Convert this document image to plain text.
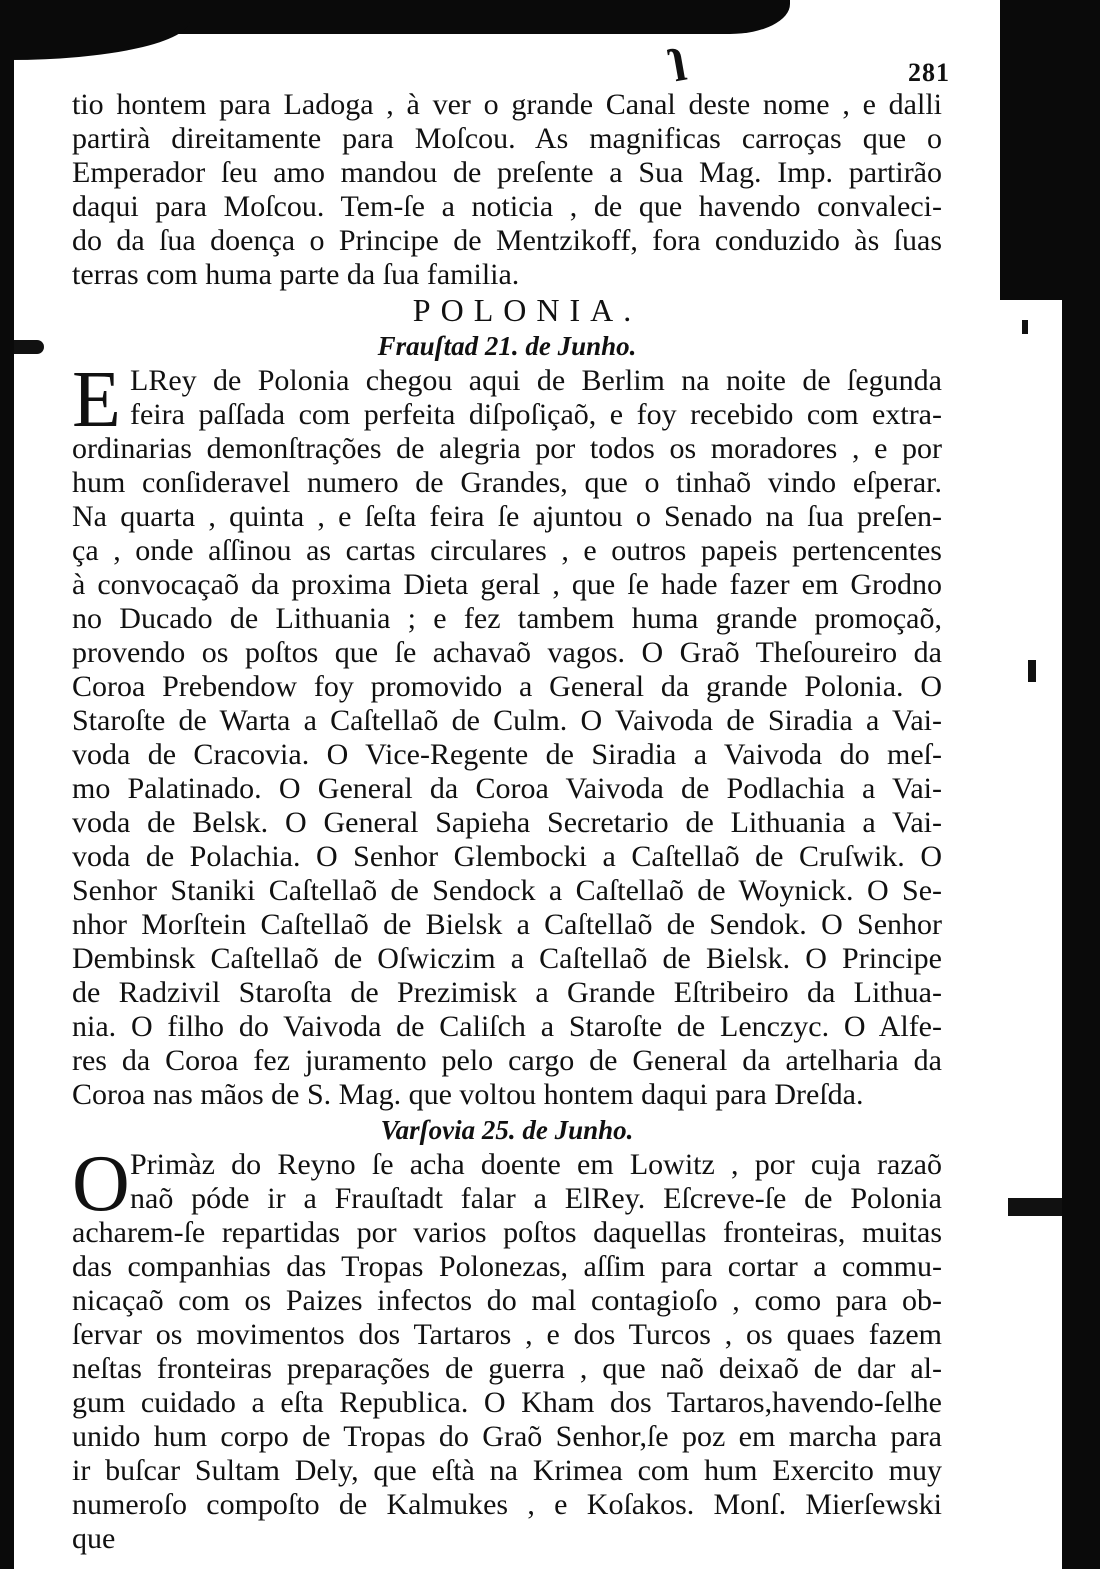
ɿ	281
tio hontem para Ladoga , à ver o grande Canal deste nome , e dalli
partirà direitamente para Moſcou. As magnificas carroças que o
Emperador ſeu amo mandou de preſente a Sua Mag. Imp. partirão
daqui para Moſcou. Tem-ſe a noticia , de que havendo convaleci-
do da ſua doença o Principe de Mentzikoff, fora conduzido às ſuas
terras com huma parte da ſua familia.
POLONIA.
Frauſtad 21. de Junho.
E LRey de Polonia chegou aqui de Berlim na noite de ſegunda
feira paſſada com perfeita diſpoſiçaõ, e foy recebido com extra-
ordinarias demonſtrações de alegria por todos os moradores , e por
hum conſideravel numero de Grandes, que o tinhaõ vindo eſperar.
Na quarta , quinta , e ſeſta feira ſe ajuntou o Senado na ſua preſen-
ça , onde aſſinou as cartas circulares , e outros papeis pertencentes
à convocaçaõ da proxima Dieta geral , que ſe hade fazer em Grodno
no Ducado de Lithuania ; e fez tambem huma grande promoçaõ,
provendo os poſtos que ſe achavaõ vagos. O Graõ Theſoureiro da
Coroa Prebendow foy promovido a General da grande Polonia. O
Staroſte de Warta a Caſtellaõ de Culm. O Vaivoda de Siradia a Vai-
voda de Cracovia. O Vice-Regente de Siradia a Vaivoda do meſ-
mo Palatinado. O General da Coroa Vaivoda de Podlachia a Vai-
voda de Belsk. O General Sapieha Secretario de Lithuania a Vai-
voda de Polachia. O Senhor Glembocki a Caſtellaõ de Cruſwik. O
Senhor Staniki Caſtellaõ de Sendock a Caſtellaõ de Woynick. O Se-
nhor Morſtein Caſtellaõ de Bielsk a Caſtellaõ de Sendok. O Senhor
Dembinsk Caſtellaõ de Oſwiczim a Caſtellaõ de Bielsk. O Principe
de Radzivil Staroſta de Prezimisk a Grande Eſtribeiro da Lithua-
nia. O filho do Vaivoda de Caliſch a Staroſte de Lenczyc. O Alfe-
res da Coroa fez juramento pelo cargo de General da artelharia da
Coroa nas mãos de S. Mag. que voltou hontem daqui para Dreſda.
Varſovia 25. de Junho.
O Primàz do Reyno ſe acha doente em Lowitz , por cuja razaõ
naõ póde ir a Frauſtadt falar a ElRey. Eſcreve-ſe de Polonia
acharem-ſe repartidas por varios poſtos daquellas fronteiras, muitas
das companhias das Tropas Polonezas, aſſim para cortar a commu-
nicaçaõ com os Paizes infectos do mal contagioſo , como para ob-
ſervar os movimentos dos Tartaros , e dos Turcos , os quaes fazem
neſtas fronteiras preparações de guerra , que naõ deixaõ de dar al-
gum cuidado a eſta Republica. O Kham dos Tartaros,havendo-ſelhe
unido hum corpo de Tropas do Graõ Senhor,ſe poz em marcha para
ir buſcar Sultam Dely, que eſtà na Krimea com hum Exercito muy
numeroſo compoſto de Kalmukes , e Koſakos. Monſ. Mierſewski
que
